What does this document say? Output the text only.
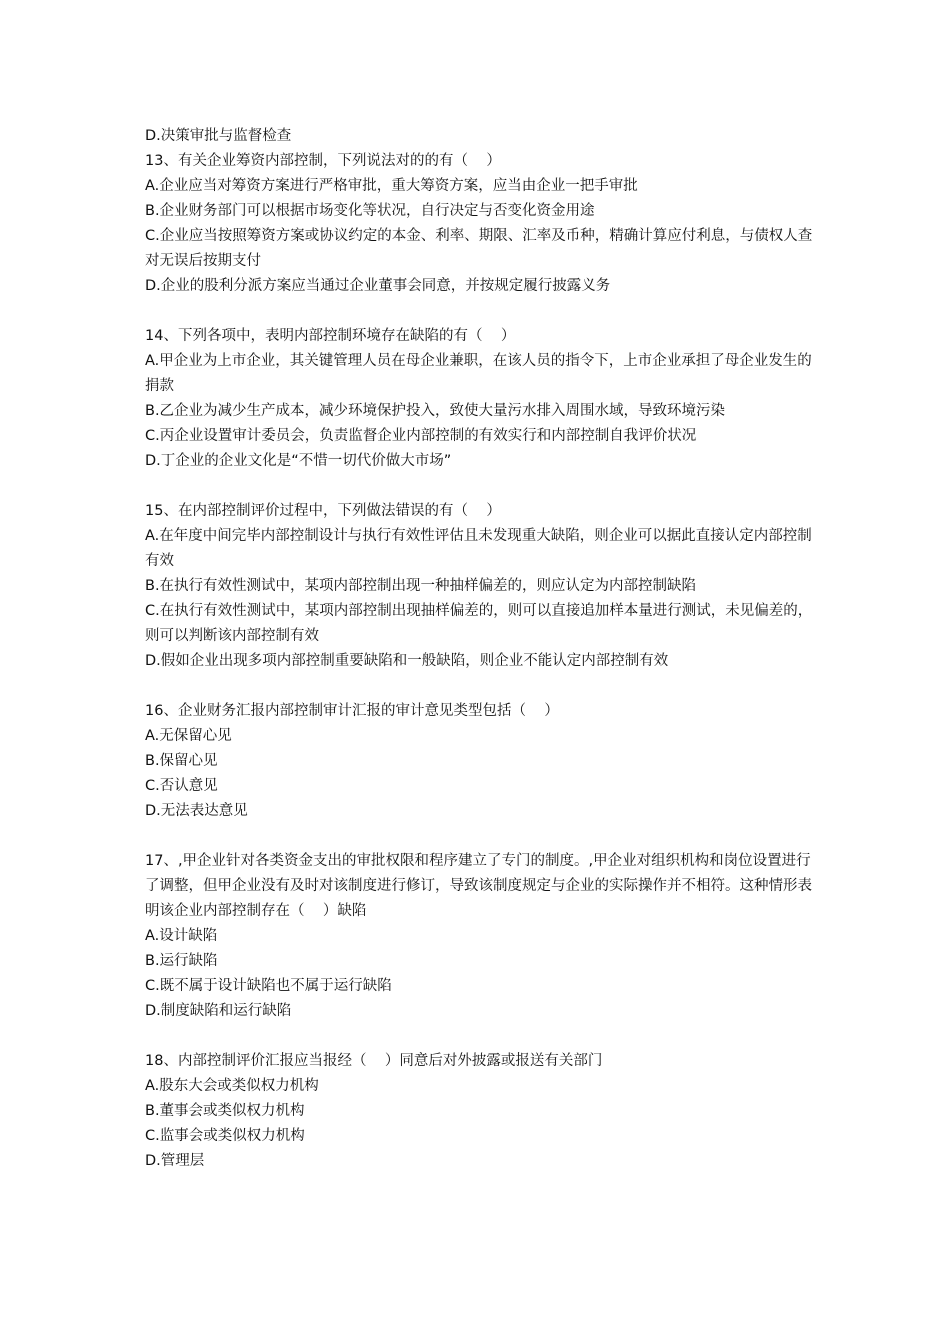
D.决策审批与监督检查
13、有关企业筹资内部控制，下列说法对的的有（    ）
A.企业应当对筹资方案进行严格审批，重大筹资方案，应当由企业一把手审批
B.企业财务部门可以根据市场变化等状况，自行决定与否变化资金用途
C.企业应当按照筹资方案或协议约定的本金、利率、期限、汇率及币种，精确计算应付利息，与债权人查对无误后按期支付
D.企业的股利分派方案应当通过企业董事会同意，并按规定履行披露义务
14、下列各项中，表明内部控制环境存在缺陷的有（    ）
A.甲企业为上市企业，其关键管理人员在母企业兼职，在该人员的指令下，上市企业承担了母企业发生的捐款
B.乙企业为减少生产成本，减少环境保护投入，致使大量污水排入周围水域，导致环境污染
C.丙企业设置审计委员会，负责监督企业内部控制的有效实行和内部控制自我评价状况
D.丁企业的企业文化是“不惜一切代价做大市场”
15、在内部控制评价过程中，下列做法错误的有（    ）
A.在年度中间完毕内部控制设计与执行有效性评估且未发现重大缺陷，则企业可以据此直接认定内部控制有效
B.在执行有效性测试中，某项内部控制出现一种抽样偏差的，则应认定为内部控制缺陷
C.在执行有效性测试中，某项内部控制出现抽样偏差的，则可以直接追加样本量进行测试，未见偏差的，则可以判断该内部控制有效
D.假如企业出现多项内部控制重要缺陷和一般缺陷，则企业不能认定内部控制有效
16、企业财务汇报内部控制审计汇报的审计意见类型包括（    ）
A.无保留心见
B.保留心见
C.否认意见
D.无法表达意见
17、,甲企业针对各类资金支出的审批权限和程序建立了专门的制度。,甲企业对组织机构和岗位设置进行了调整，但甲企业没有及时对该制度进行修订，导致该制度规定与企业的实际操作并不相符。这种情形表明该企业内部控制存在（    ）缺陷
A.设计缺陷
B.运行缺陷
C.既不属于设计缺陷也不属于运行缺陷
D.制度缺陷和运行缺陷
18、内部控制评价汇报应当报经（    ）同意后对外披露或报送有关部门
A.股东大会或类似权力机构
B.董事会或类似权力机构
C.监事会或类似权力机构
D.管理层
